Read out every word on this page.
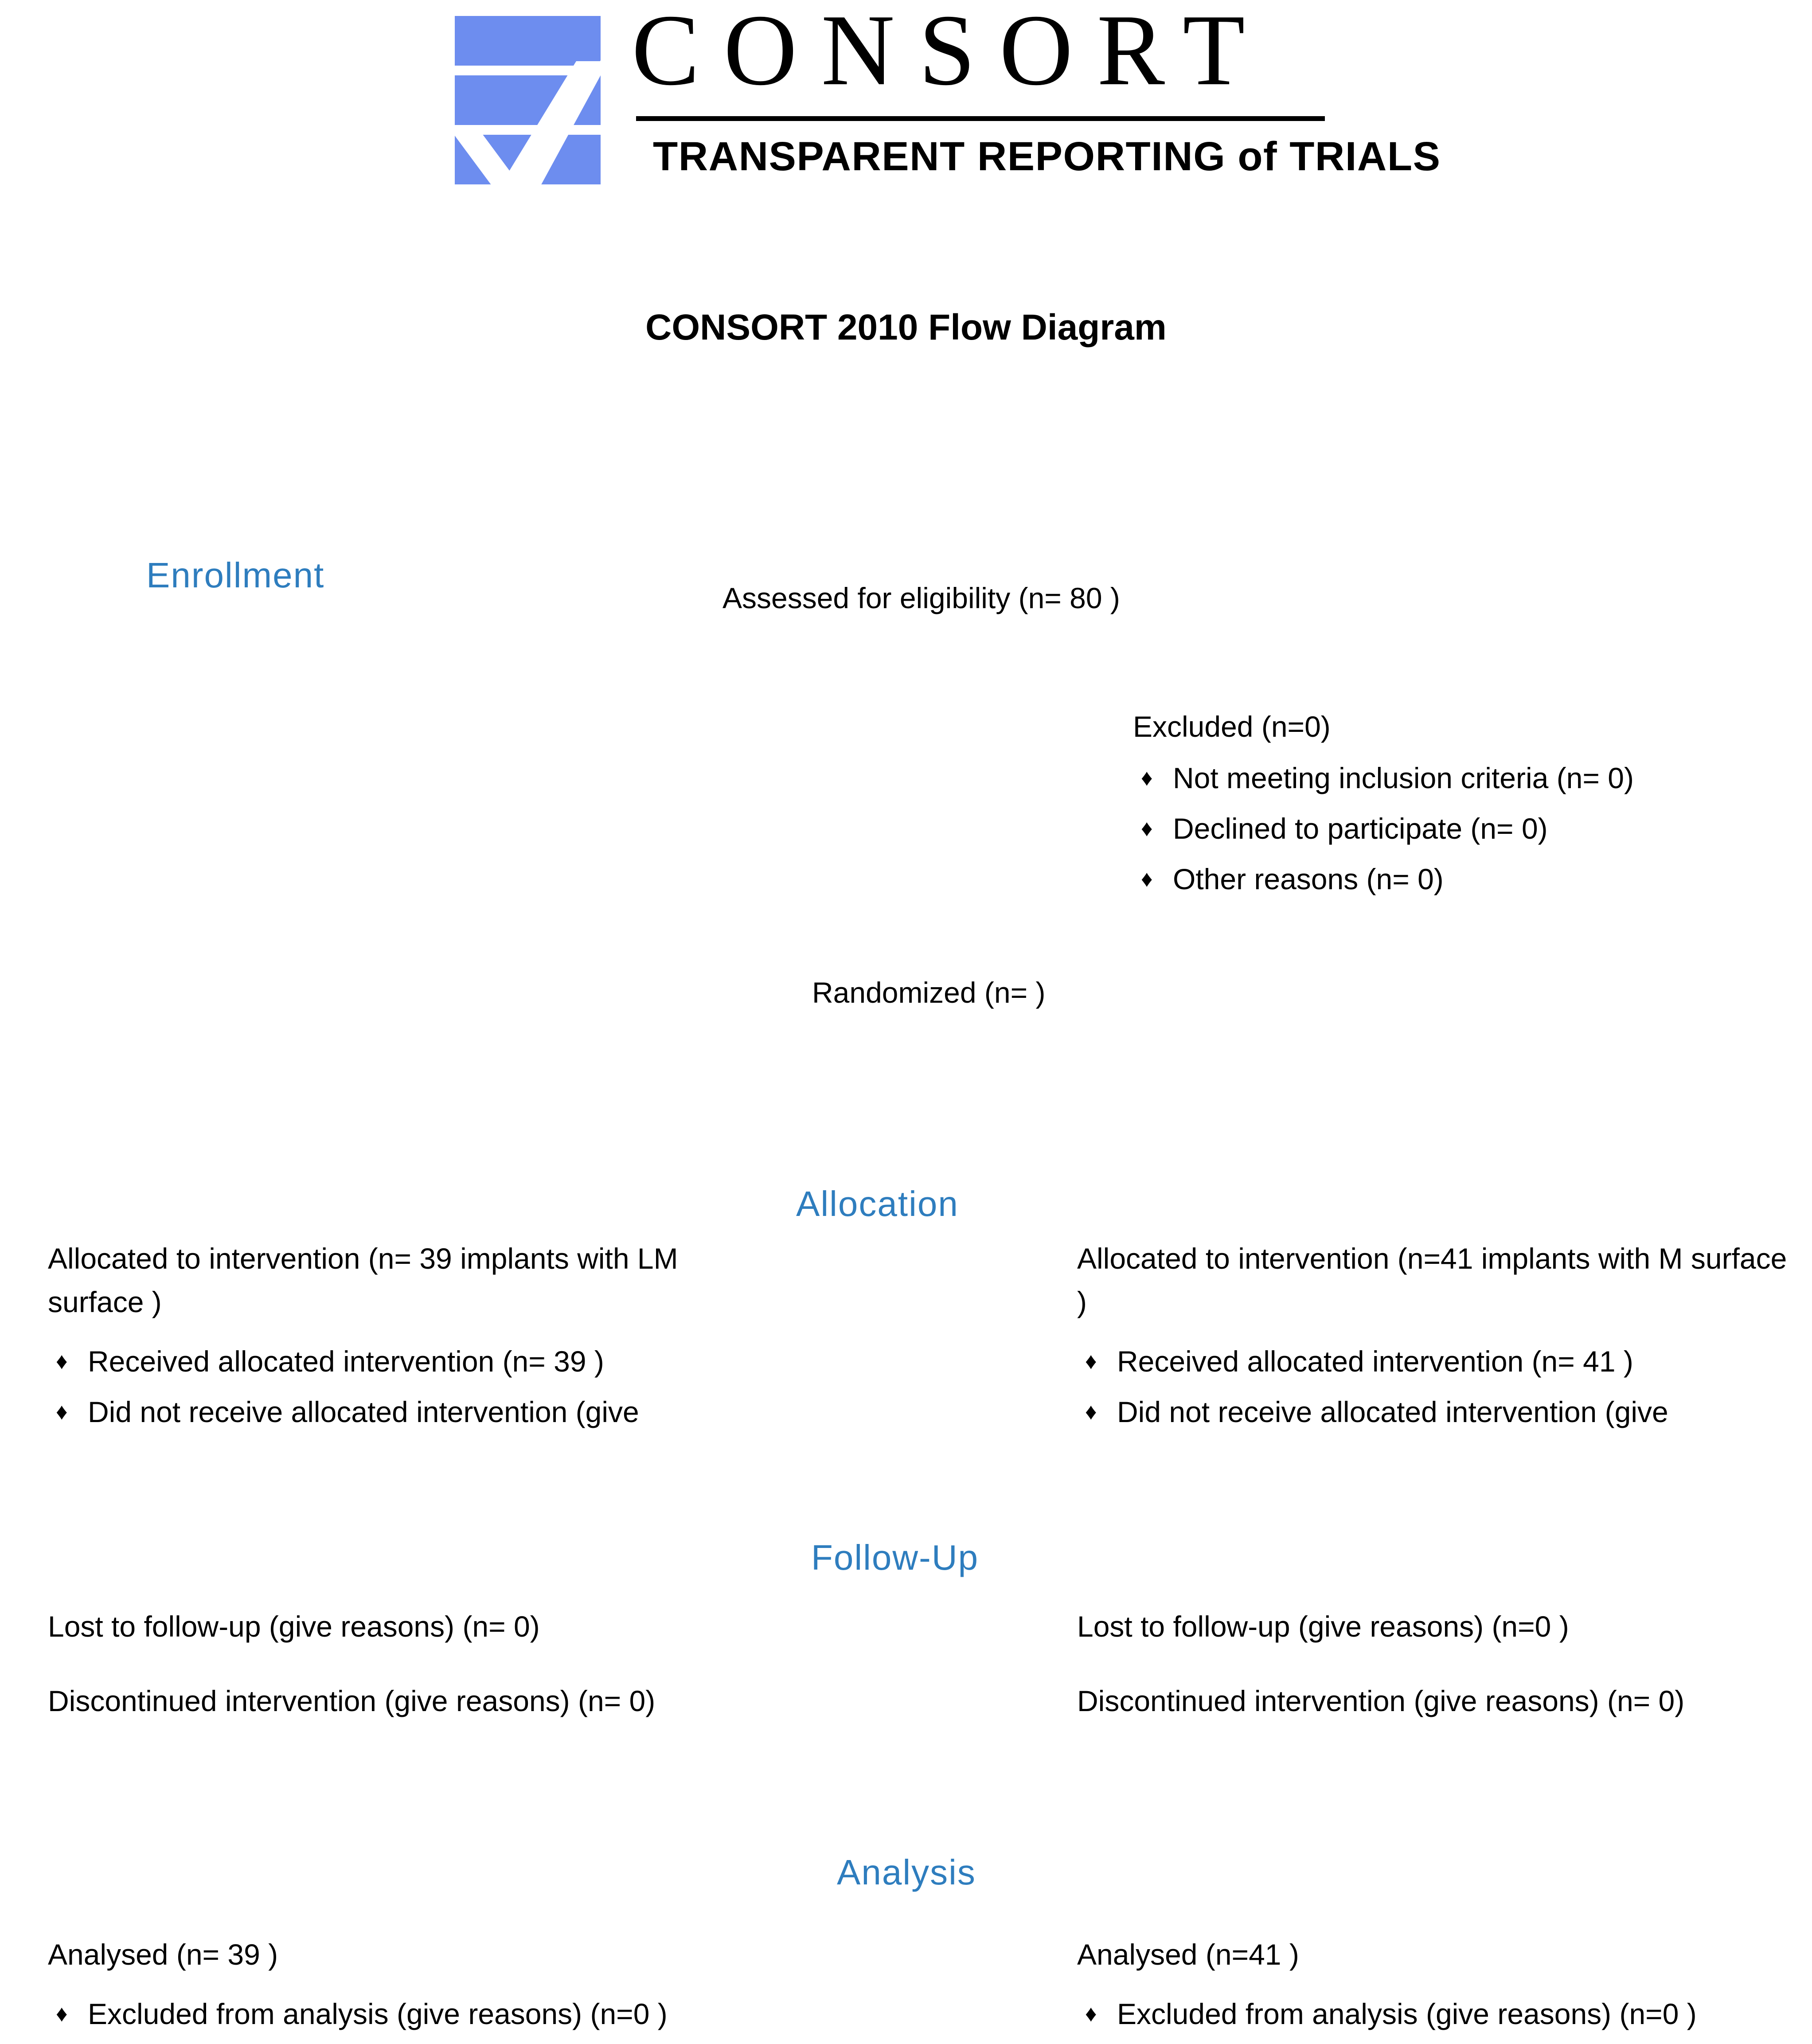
CONSORT
TRANSPARENT REPORTING of TRIALS
CONSORT 2010 Flow Diagram
Enrollment
Allocation
Follow-Up
Analysis
Assessed for eligibility (n= 80 )
Excluded (n=0)
♦ Not meeting inclusion criteria (n= 0)
♦ Declined to participate (n= 0)
♦ Other reasons (n= 0)
Randomized (n= )
Allocated to intervention (n= 39 implants with LM surface )
♦ Received allocated intervention (n= 39 )
♦ Did not receive allocated intervention (give
Allocated to intervention (n=41 implants with M surface )
♦ Received allocated intervention (n= 41 )
♦ Did not receive allocated intervention (give
Lost to follow-up (give reasons) (n= 0)
Discontinued intervention (give reasons) (n= 0)
Lost to follow-up (give reasons) (n=0 )
Discontinued intervention (give reasons) (n= 0)
Analysed (n= 39 )
♦ Excluded from analysis (give reasons) (n=0 )
Analysed (n=41 )
♦ Excluded from analysis (give reasons) (n=0 )
